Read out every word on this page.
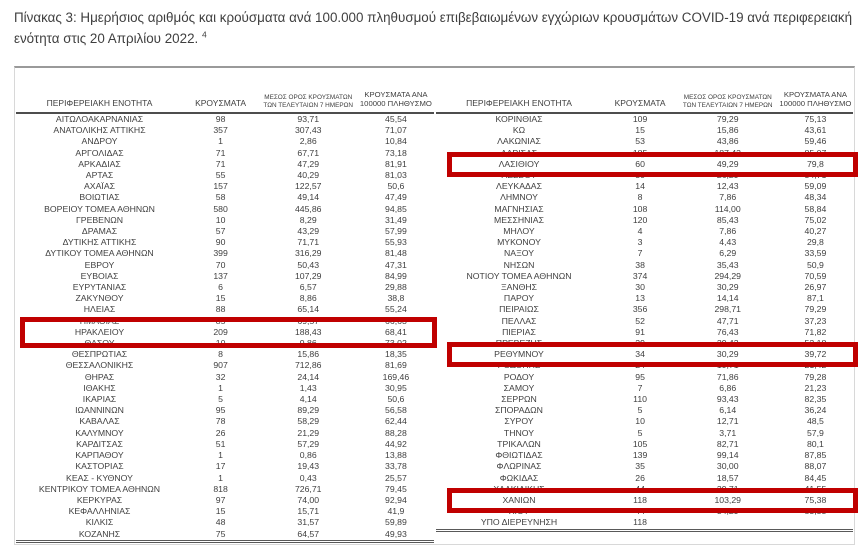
Πίνακας 3: Ημερήσιος αριθμός και κρούσματα ανά 100.000 πληθυσμού επιβεβαιωμένων εγχώριων κρουσμάτων COVID-19 ανά περιφερειακή ενότητα στις 20 Απριλίου 2022. $^4$
ΠΕΡΙΦΕΡΕΙΑΚΗ ΕΝΟΤΗΤΑ	ΚΡΟΥΣΜΑΤΑ	ΜΕΣΟΣ ΟΡΟΣ ΚΡΟΥΣΜΑΤΩΝ ΤΩΝ ΤΕΛΕΥΤΑΙΩΝ 7 ΗΜΕΡΩΝ	ΚΡΟΥΣΜΑΤΑ ΑΝΑ 100000 ΠΛΗΘΥΣΜΟ
ΑΙΤΩΛΟΑΚΑΡΝΑΝΙΑΣ	98	93,71	45,54
ΑΝΑΤΟΛΙΚΗΣ ΑΤΤΙΚΗΣ	357	307,43	71,07
ΑΝΔΡΟΥ	1	2,86	10,84
ΑΡΓΟΛΙΔΑΣ	71	67,71	73,18
ΑΡΚΑΔΙΑΣ	71	47,29	81,91
ΑΡΤΑΣ	55	40,29	81,03
ΑΧΑΪΑΣ	157	122,57	50,6
ΒΟΙΩΤΙΑΣ	58	49,14	47,49
ΒΟΡΕΙΟΥ ΤΟΜΕΑ ΑΘΗΝΩΝ	580	445,86	94,85
ΓΡΕΒΕΝΩΝ	10	8,29	31,49
ΔΡΑΜΑΣ	57	43,29	57,99
ΔΥΤΙΚΗΣ ΑΤΤΙΚΗΣ	90	71,71	55,93
ΔΥΤΙΚΟΥ ΤΟΜΕΑ ΑΘΗΝΩΝ	399	316,29	81,48
ΕΒΡΟΥ	70	50,43	47,31
ΕΥΒΟΙΑΣ	137	107,29	84,99
ΕΥΡΥΤΑΝΙΑΣ	6	6,57	29,88
ΖΑΚΥΝΘΟΥ	15	8,86	38,8
ΗΛΕΙΑΣ	88	65,14	55,24
ΗΜΑΘΙΑΣ	85	69,57	66,63
ΗΡΑΚΛΕΙΟΥ	209	188,43	68,41
ΘΑΣΟΥ	10	9,86	73,02
ΘΕΣΠΡΩΤΙΑΣ	8	15,86	18,35
ΘΕΣΣΑΛΟΝΙΚΗΣ	907	712,86	81,69
ΘΗΡΑΣ	32	24,14	169,46
ΙΘΑΚΗΣ	1	1,43	30,95
ΙΚΑΡΙΑΣ	5	4,14	50,6
ΙΩΑΝΝΙΝΩΝ	95	89,29	56,58
ΚΑΒΑΛΑΣ	78	58,29	62,44
ΚΑΛΥΜΝΟΥ	26	21,29	88,28
ΚΑΡΔΙΤΣΑΣ	51	57,29	44,92
ΚΑΡΠΑΘΟΥ	1	0,86	13,88
ΚΑΣΤΟΡΙΑΣ	17	19,43	33,78
ΚΕΑΣ - ΚΥΘΝΟΥ	1	0,43	25,57
ΚΕΝΤΡΙΚΟΥ ΤΟΜΕΑ ΑΘΗΝΩΝ	818	726,71	79,45
ΚΕΡΚΥΡΑΣ	97	74,00	92,94
ΚΕΦΑΛΛΗΝΙΑΣ	15	15,71	41,9
ΚΙΛΚΙΣ	48	31,57	59,89
ΚΟΖΑΝΗΣ	75	64,57	49,93
ΠΕΡΙΦΕΡΕΙΑΚΗ ΕΝΟΤΗΤΑ	ΚΡΟΥΣΜΑΤΑ	ΜΕΣΟΣ ΟΡΟΣ ΚΡΟΥΣΜΑΤΩΝ ΤΩΝ ΤΕΛΕΥΤΑΙΩΝ 7 ΗΜΕΡΩΝ	ΚΡΟΥΣΜΑΤΑ ΑΝΑ 100000 ΠΛΗΘΥΣΜΟ
ΚΟΡΙΝΘΙΑΣ	109	79,29	75,13
ΚΩ	15	15,86	43,61
ΛΑΚΩΝΙΑΣ	53	43,86	59,46
ΛΑΡΙΣΑΣ	185	187,43	85,07
ΛΑΣΙΘΙΟΥ	60	49,29	79,8
ΛΕΣΒΟΥ	30	26,29	34,71
ΛΕΥΚΑΔΑΣ	14	12,43	59,09
ΛΗΜΝΟΥ	8	7,86	48,34
ΜΑΓΝΗΣΙΑΣ	108	114,00	58,84
ΜΕΣΣΗΝΙΑΣ	120	85,43	75,02
ΜΗΛΟΥ	4	7,86	40,27
ΜΥΚΟΝΟΥ	3	4,43	29,8
ΝΑΞΟΥ	7	6,29	33,59
ΝΗΣΩΝ	38	35,43	50,9
ΝΟΤΙΟΥ ΤΟΜΕΑ ΑΘΗΝΩΝ	374	294,29	70,59
ΞΑΝΘΗΣ	30	30,29	26,97
ΠΑΡΟΥ	13	14,14	87,1
ΠΕΙΡΑΙΩΣ	356	298,71	79,29
ΠΕΛΛΑΣ	52	47,71	37,23
ΠΙΕΡΙΑΣ	91	76,43	71,82
ΠΡΕΒΕΖΗΣ	29	29,43	52,18
ΡΕΘΥΜΝΟΥ	34	30,29	39,72
ΡΟΔΟΠΗΣ	24	19,71	21,42
ΡΟΔΟΥ	95	71,86	79,28
ΣΑΜΟΥ	7	6,86	21,23
ΣΕΡΡΩΝ	110	93,43	82,35
ΣΠΟΡΑΔΩΝ	5	6,14	36,24
ΣΥΡΟΥ	10	12,71	48,5
ΤΗΝΟΥ	5	3,71	57,9
ΤΡΙΚΑΛΩΝ	105	82,71	80,1
ΦΘΙΩΤΙΔΑΣ	139	99,14	87,85
ΦΛΩΡΙΝΑΣ	35	30,00	88,07
ΦΩΚΙΔΑΣ	26	18,57	84,45
ΧΑΛΚΙΔΙΚΗΣ	44	39,71	41,55
ΧΑΝΙΩΝ	118	103,29	75,38
ΧΙΟΥ	44	34,29	83,53
ΥΠΟ ΔΙΕΡΕΥΝΗΣΗ	118		
